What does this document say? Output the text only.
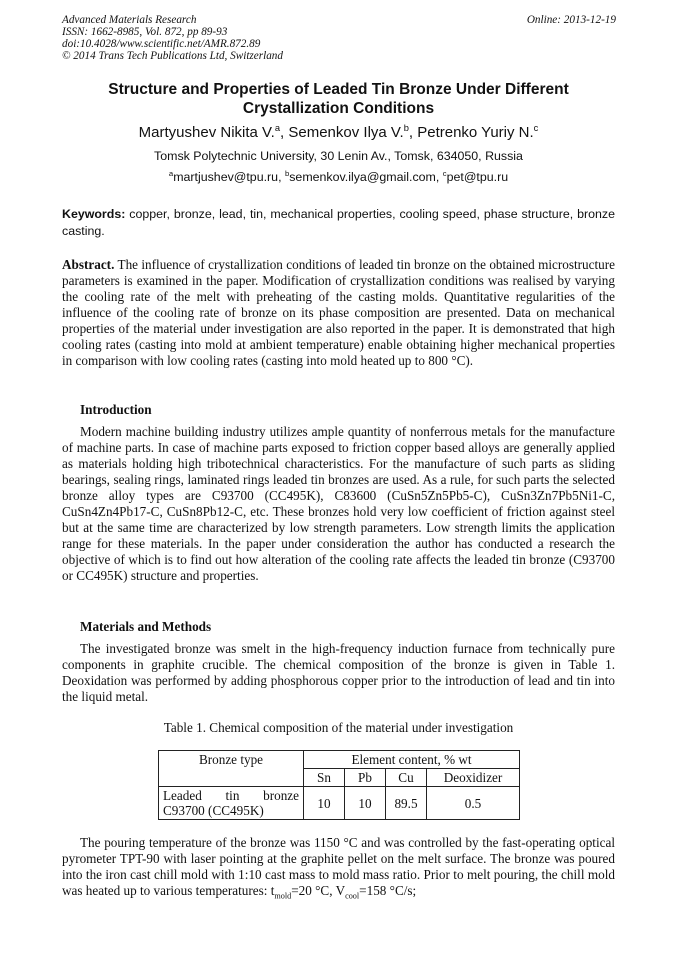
Advanced Materials Research
ISSN: 1662-8985, Vol. 872, pp 89-93
doi:10.4028/www.scientific.net/AMR.872.89
© 2014 Trans Tech Publications Ltd, Switzerland
Online: 2013-12-19
Structure and Properties of Leaded Tin Bronze Under Different
Crystallization Conditions
Martyushev Nikita V.$^a$, Semenkov Ilya V.$^b$, Petrenko Yuriy N.$^c$
Tomsk Polytechnic University, 30 Lenin Av., Tomsk, 634050, Russia
$^a$martjushev@tpu.ru, $^b$semenkov.ilya@gmail.com, $^c$pet@tpu.ru
Keywords: copper, bronze, lead, tin, mechanical properties, cooling speed, phase structure, bronze casting.
Abstract. The influence of crystallization conditions of leaded tin bronze on the obtained microstructure parameters is examined in the paper. Modification of crystallization conditions was realised by varying the cooling rate of the melt with preheating of the casting molds. Quantitative regularities of the influence of the cooling rate of bronze on its phase composition are presented. Data on mechanical properties of the material under investigation are also reported in the paper. It is demonstrated that high cooling rates (casting into mold at ambient temperature) enable obtaining higher mechanical properties in comparison with low cooling rates (casting into mold heated up to 800 °C).
Introduction
Modern machine building industry utilizes ample quantity of nonferrous metals for the manufacture of machine parts. In case of machine parts exposed to friction copper based alloys are generally applied as materials holding high tribotechnical characteristics. For the manufacture of such parts as sliding bearings, sealing rings, laminated rings leaded tin bronzes are used. As a rule, for such parts the selected bronze alloy types are C93700 (CC495K), C83600 (CuSn5Zn5Pb5-C), CuSn3Zn7Pb5Ni1-C, CuSn4Zn4Pb17-C, CuSn8Pb12-C, etc. These bronzes hold very low coefficient of friction against steel but at the same time are characterized by low strength parameters. Low strength limits the application range for these materials. In the paper under consideration the author has conducted a research the objective of which is to find out how alteration of the cooling rate affects the leaded tin bronze (C93700 or CC495K) structure and properties.
Materials and Methods
The investigated bronze was smelt in the high-frequency induction furnace from technically pure components in graphite crucible. The chemical composition of the bronze is given in Table 1. Deoxidation was performed by adding phosphorous copper prior to the introduction of lead and tin into the liquid metal.
Table 1. Chemical composition of the material under investigation
Bronze type	Element content, % wt			
	Sn	Pb	Cu	Deoxidizer
Leaded tin bronze C93700 (CC495K)	10	10	89.5	0.5
The pouring temperature of the bronze was 1150 °C and was controlled by the fast-operating optical pyrometer TPT-90 with laser pointing at the graphite pellet on the melt surface. The bronze was poured into the iron cast chill mold with 1:10 cast mass to mold mass ratio. Prior to melt pouring, the chill mold was heated up to various temperatures: $t_{mold}=20$ °C, $V_{cool}=158$ °C/s;
